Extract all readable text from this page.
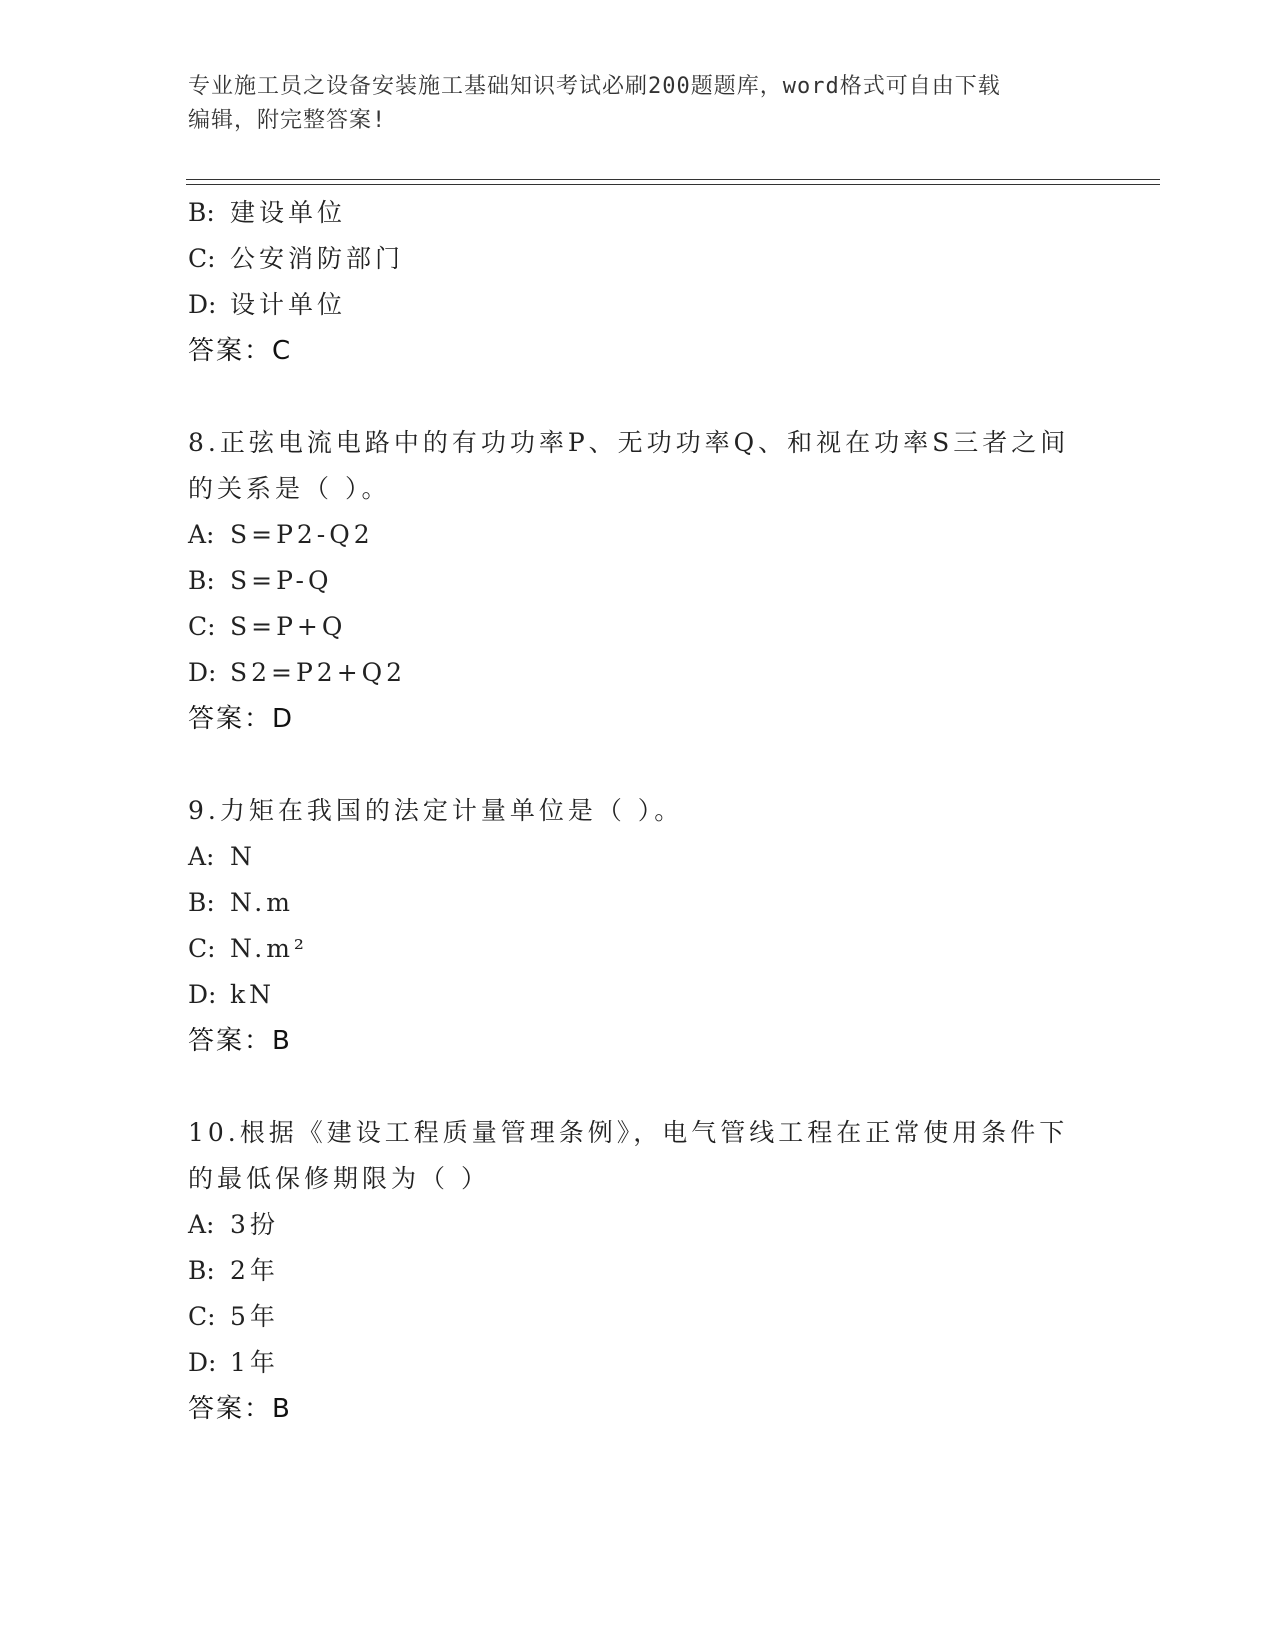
专业施工员之设备安装施工基础知识考试必刷200题题库，word格式可自由下载
编辑，附完整答案!
B: 建设单位
C: 公安消防部门
D: 设计单位
答案：C
8.正弦电流电路中的有功功率P、无功功率Q、和视在功率S三者之间
的关系是（ ）。
A: S=P2-Q2
B: S=P-Q
C: S=P+Q
D: S2=P2+Q2
答案：D
9.力矩在我国的法定计量单位是（ ）。
A: N
B: N.m
C: N.m²
D: kN
答案：B
10.根据《建设工程质量管理条例》，电气管线工程在正常使用条件下
的最低保修期限为（ ）
A: 3扮
B: 2年
C: 5年
D: 1年
答案：B
